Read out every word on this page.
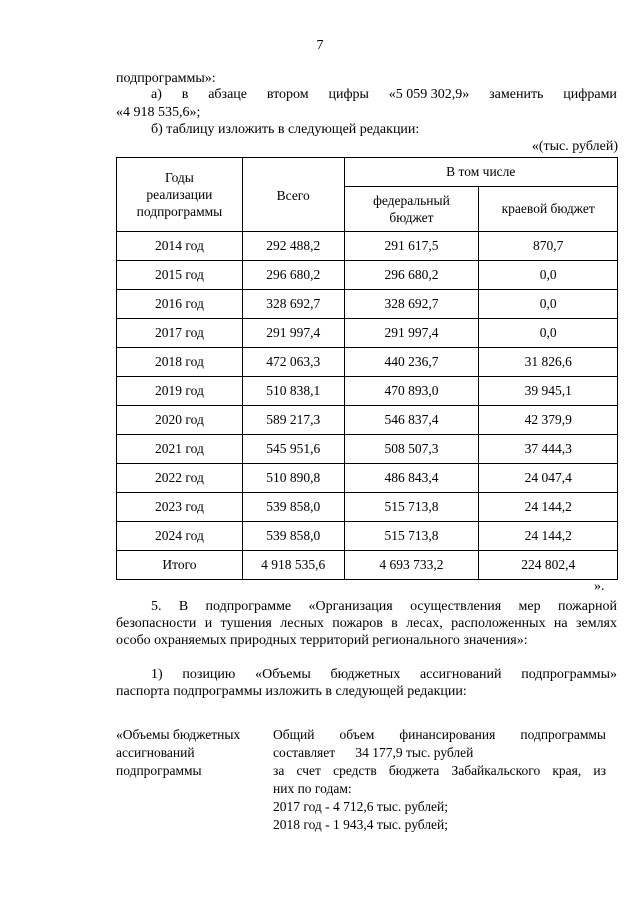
7
подпрограммы»:
а) в абзаце втором цифры «5 059 302,9» заменить цифрами
«4 918 535,6»;
б) таблицу изложить в следующей редакции:
«(тыс. рублей)
Годы реализации подпрограммы	Всего	В том числе	

		федеральный бюджет	краевой бюджет
2014 год	292 488,2	291 617,5	870,7
2015 год	296 680,2	296 680,2	0,0
2016 год	328 692,7	328 692,7	0,0
2017 год	291 997,4	291 997,4	0,0
2018 год	472 063,3	440 236,7	31 826,6
2019 год	510 838,1	470 893,0	39 945,1
2020 год	589 217,3	546 837,4	42 379,9
2021 год	545 951,6	508 507,3	37 444,3
2022 год	510 890,8	486 843,4	24 047,4
2023 год	539 858,0	515 713,8	24 144,2
2024 год	539 858,0	515 713,8	24 144,2
Итого	4 918 535,6	4 693 733,2	224 802,4
».
5. В подпрограмме «Организация осуществления мер пожарной
безопасности и тушения лесных пожаров в лесах, расположенных на землях
особо охраняемых природных территорий регионального значения»:
1) позицию «Объемы бюджетных ассигнований подпрограммы»
паспорта подпрограммы изложить в следующей редакции:
«Объемы бюджетных
ассигнований
подпрограммы
Общий объем финансирования подпрограммы
составляет      34 177,9 тыс. рублей
за счет средств бюджета Забайкальского края, из
них по годам:
2017 год - 4 712,6 тыс. рублей;
2018 год - 1 943,4 тыс. рублей;
